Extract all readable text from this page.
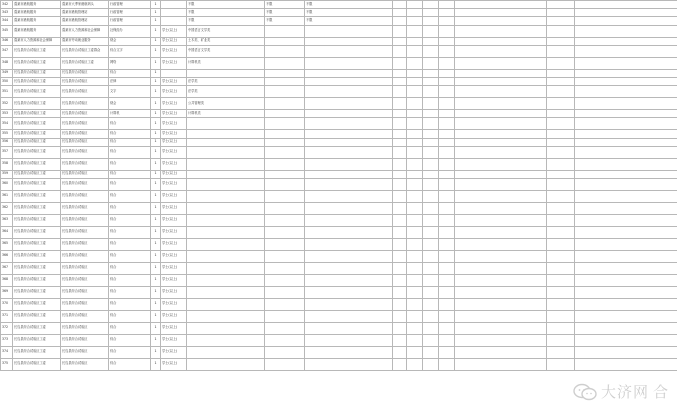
342	蓬莱市港航服务	蓬莱市大季家港航码头	行政管理	1		不限	不限	不限							
343	蓬莱市港航服务	蓬莱市港航管理站	行政管理	1		不限	不限	不限							
344	蓬莱市港航服务	蓬莱市港航管理站	行政管理	1		不限	不限	不限							
345	蓬莱市港航服务	蓬莱市人力资源和社会保障	社保经办	1	学士(以上)	中国语言文学类									
346	蓬莱市人力资源和社会保障	蓬莱市劳动就业服务	财会	1	学士(以上)	土木类、矿业类									
347	长岛县综合试验区工委	长岛县综合试验区工委群众	综合文字	1	学士(以上)	中国语言文学类									
348	长岛县综合试验区工委	长岛县综合试验区工委	网络	1	学士(以上)	计算机类									
349	长岛县综合试验区工委	长岛县综合试验区	综合	1											
350	长岛县综合试验区工委	长岛县综合试验区	法律	1	学士(以上)	法学类									
351	长岛县综合试验区工委	长岛县综合试验区	文字	1	学士(以上)	法学类									
352	长岛县综合试验区工委	长岛县综合试验区	财会	1	学士(以上)	公共管理类									
353	长岛县综合试验区工委	长岛县综合试验区	计算机	1	学士(以上)	计算机类									
354	长岛县综合试验区工委	长岛县综合试验区	综合	1	学士(以上)										
355	长岛县综合试验区工委	长岛县综合试验区	综合	1	学士(以上)										
356	长岛县综合试验区工委	长岛县综合试验区	综合	1	学士(以上)										
357	长岛县综合试验区工委	长岛县综合试验区	综合	1	学士(以上)										
358	长岛县综合试验区工委	长岛县综合试验区	综合	1	学士(以上)										
359	长岛县综合试验区工委	长岛县综合试验区	综合	1	学士(以上)										
360	长岛县综合试验区工委	长岛县综合试验区	综合	1	学士(以上)										
361	长岛县综合试验区工委	长岛县综合试验区	综合	1	学士(以上)										
362	长岛县综合试验区工委	长岛县综合试验区	综合	1	学士(以上)										
363	长岛县综合试验区工委	长岛县综合试验区	综合	1	学士(以上)										
364	长岛县综合试验区工委	长岛县综合试验区	综合	1	学士(以上)										
365	长岛县综合试验区工委	长岛县综合试验区	综合	1	学士(以上)										
366	长岛县综合试验区工委	长岛县综合试验区	综合	1	学士(以上)										
367	长岛县综合试验区工委	长岛县综合试验区	综合	1	学士(以上)										
368	长岛县综合试验区工委	长岛县综合试验区	综合	1	学士(以上)										
369	长岛县综合试验区工委	长岛县综合试验区	综合	1	学士(以上)										
370	长岛县综合试验区工委	长岛县综合试验区	综合	1	学士(以上)										
371	长岛县综合试验区工委	长岛县综合试验区	综合	1	学士(以上)										
372	长岛县综合试验区工委	长岛县综合试验区	综合	1	学士(以上)										
373	长岛县综合试验区工委	长岛县综合试验区	综合	1	学士(以上)										
374	长岛县综合试验区工委	长岛县综合试验区	综合	1	学士(以上)										
375	长岛县综合试验区工委	长岛县综合试验区	综合	1	学士(以上)										
大济网 合
